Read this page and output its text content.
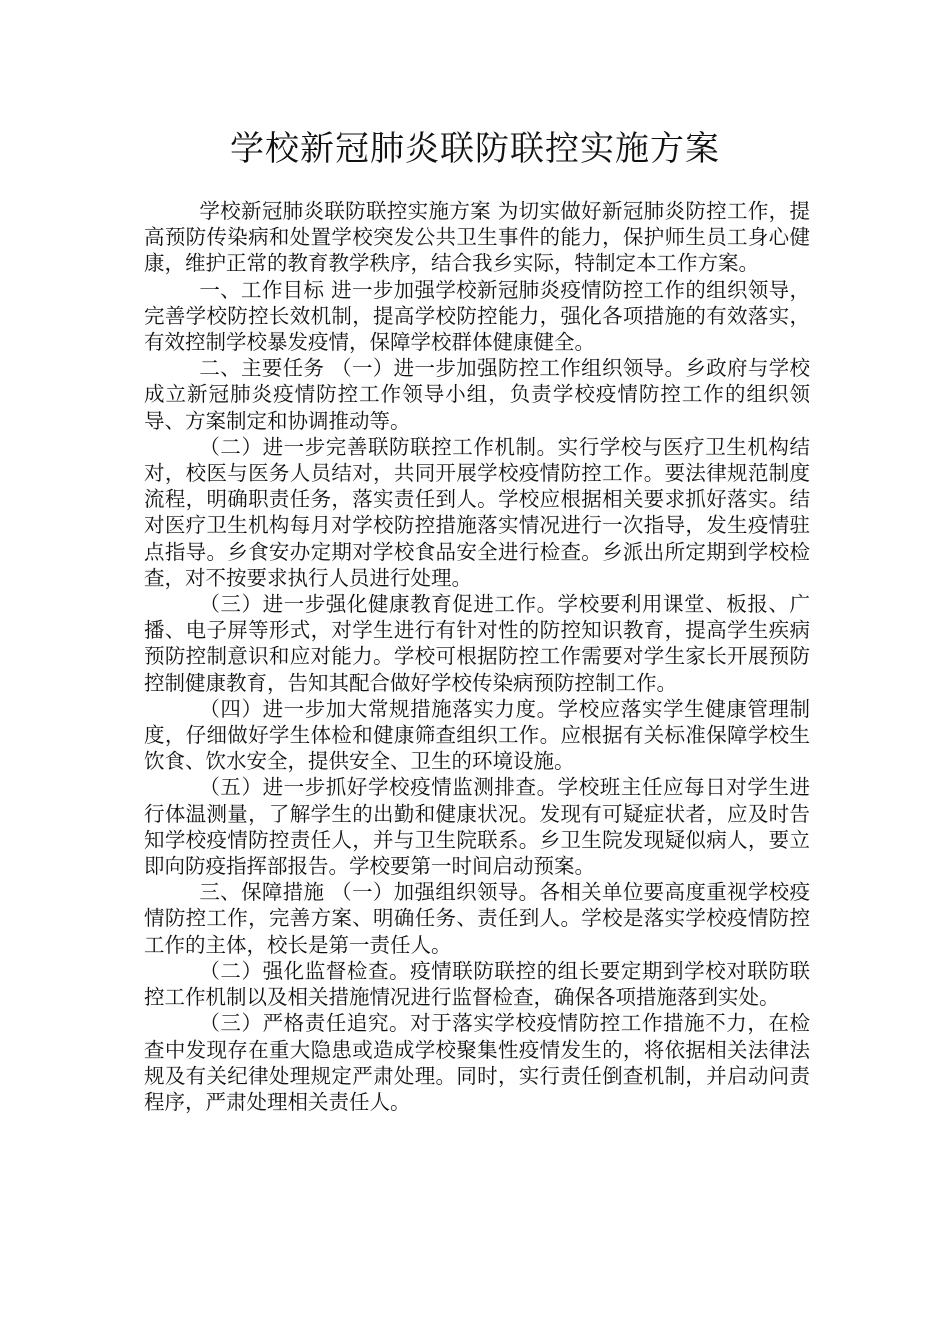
学校新冠肺炎联防联控实施方案

学校新冠肺炎联防联控实施方案 为切实做好新冠肺炎防控工作，提高预防传染病和处置学校突发公共卫生事件的能力，保护师生员工身心健康，维护正常的教育教学秩序，结合我乡实际，特制定本工作方案。

一、工作目标 进一步加强学校新冠肺炎疫情防控工作的组织领导，完善学校防控长效机制，提高学校防控能力，强化各项措施的有效落实，有效控制学校暴发疫情，保障学校群体健康健全。

二、主要任务 （一）进一步加强防控工作组织领导。乡政府与学校成立新冠肺炎疫情防控工作领导小组，负责学校疫情防控工作的组织领导、方案制定和协调推动等。

（二）进一步完善联防联控工作机制。实行学校与医疗卫生机构结对，校医与医务人员结对，共同开展学校疫情防控工作。要法律规范制度流程，明确职责任务，落实责任到人。学校应根据相关要求抓好落实。结对医疗卫生机构每月对学校防控措施落实情况进行一次指导，发生疫情驻点指导。乡食安办定期对学校食品安全进行检查。乡派出所定期到学校检查，对不按要求执行人员进行处理。

（三）进一步强化健康教育促进工作。学校要利用课堂、板报、广播、电子屏等形式，对学生进行有针对性的防控知识教育，提高学生疾病预防控制意识和应对能力。学校可根据防控工作需要对学生家长开展预防控制健康教育，告知其配合做好学校传染病预防控制工作。

（四）进一步加大常规措施落实力度。学校应落实学生健康管理制度，仔细做好学生体检和健康筛查组织工作。应根据有关标准保障学校生饮食、饮水安全，提供安全、卫生的环境设施。

（五）进一步抓好学校疫情监测排查。学校班主任应每日对学生进行体温测量，了解学生的出勤和健康状况。发现有可疑症状者，应及时告知学校疫情防控责任人，并与卫生院联系。乡卫生院发现疑似病人，要立即向防疫指挥部报告。学校要第一时间启动预案。

三、保障措施 （一）加强组织领导。各相关单位要高度重视学校疫情防控工作，完善方案、明确任务、责任到人。学校是落实学校疫情防控工作的主体，校长是第一责任人。

（二）强化监督检查。疫情联防联控的组长要定期到学校对联防联控工作机制以及相关措施情况进行监督检查，确保各项措施落到实处。

（三）严格责任追究。对于落实学校疫情防控工作措施不力，在检查中发现存在重大隐患或造成学校聚集性疫情发生的，将依据相关法律法规及有关纪律处理规定严肃处理。同时，实行责任倒查机制，并启动问责程序，严肃处理相关责任人。
